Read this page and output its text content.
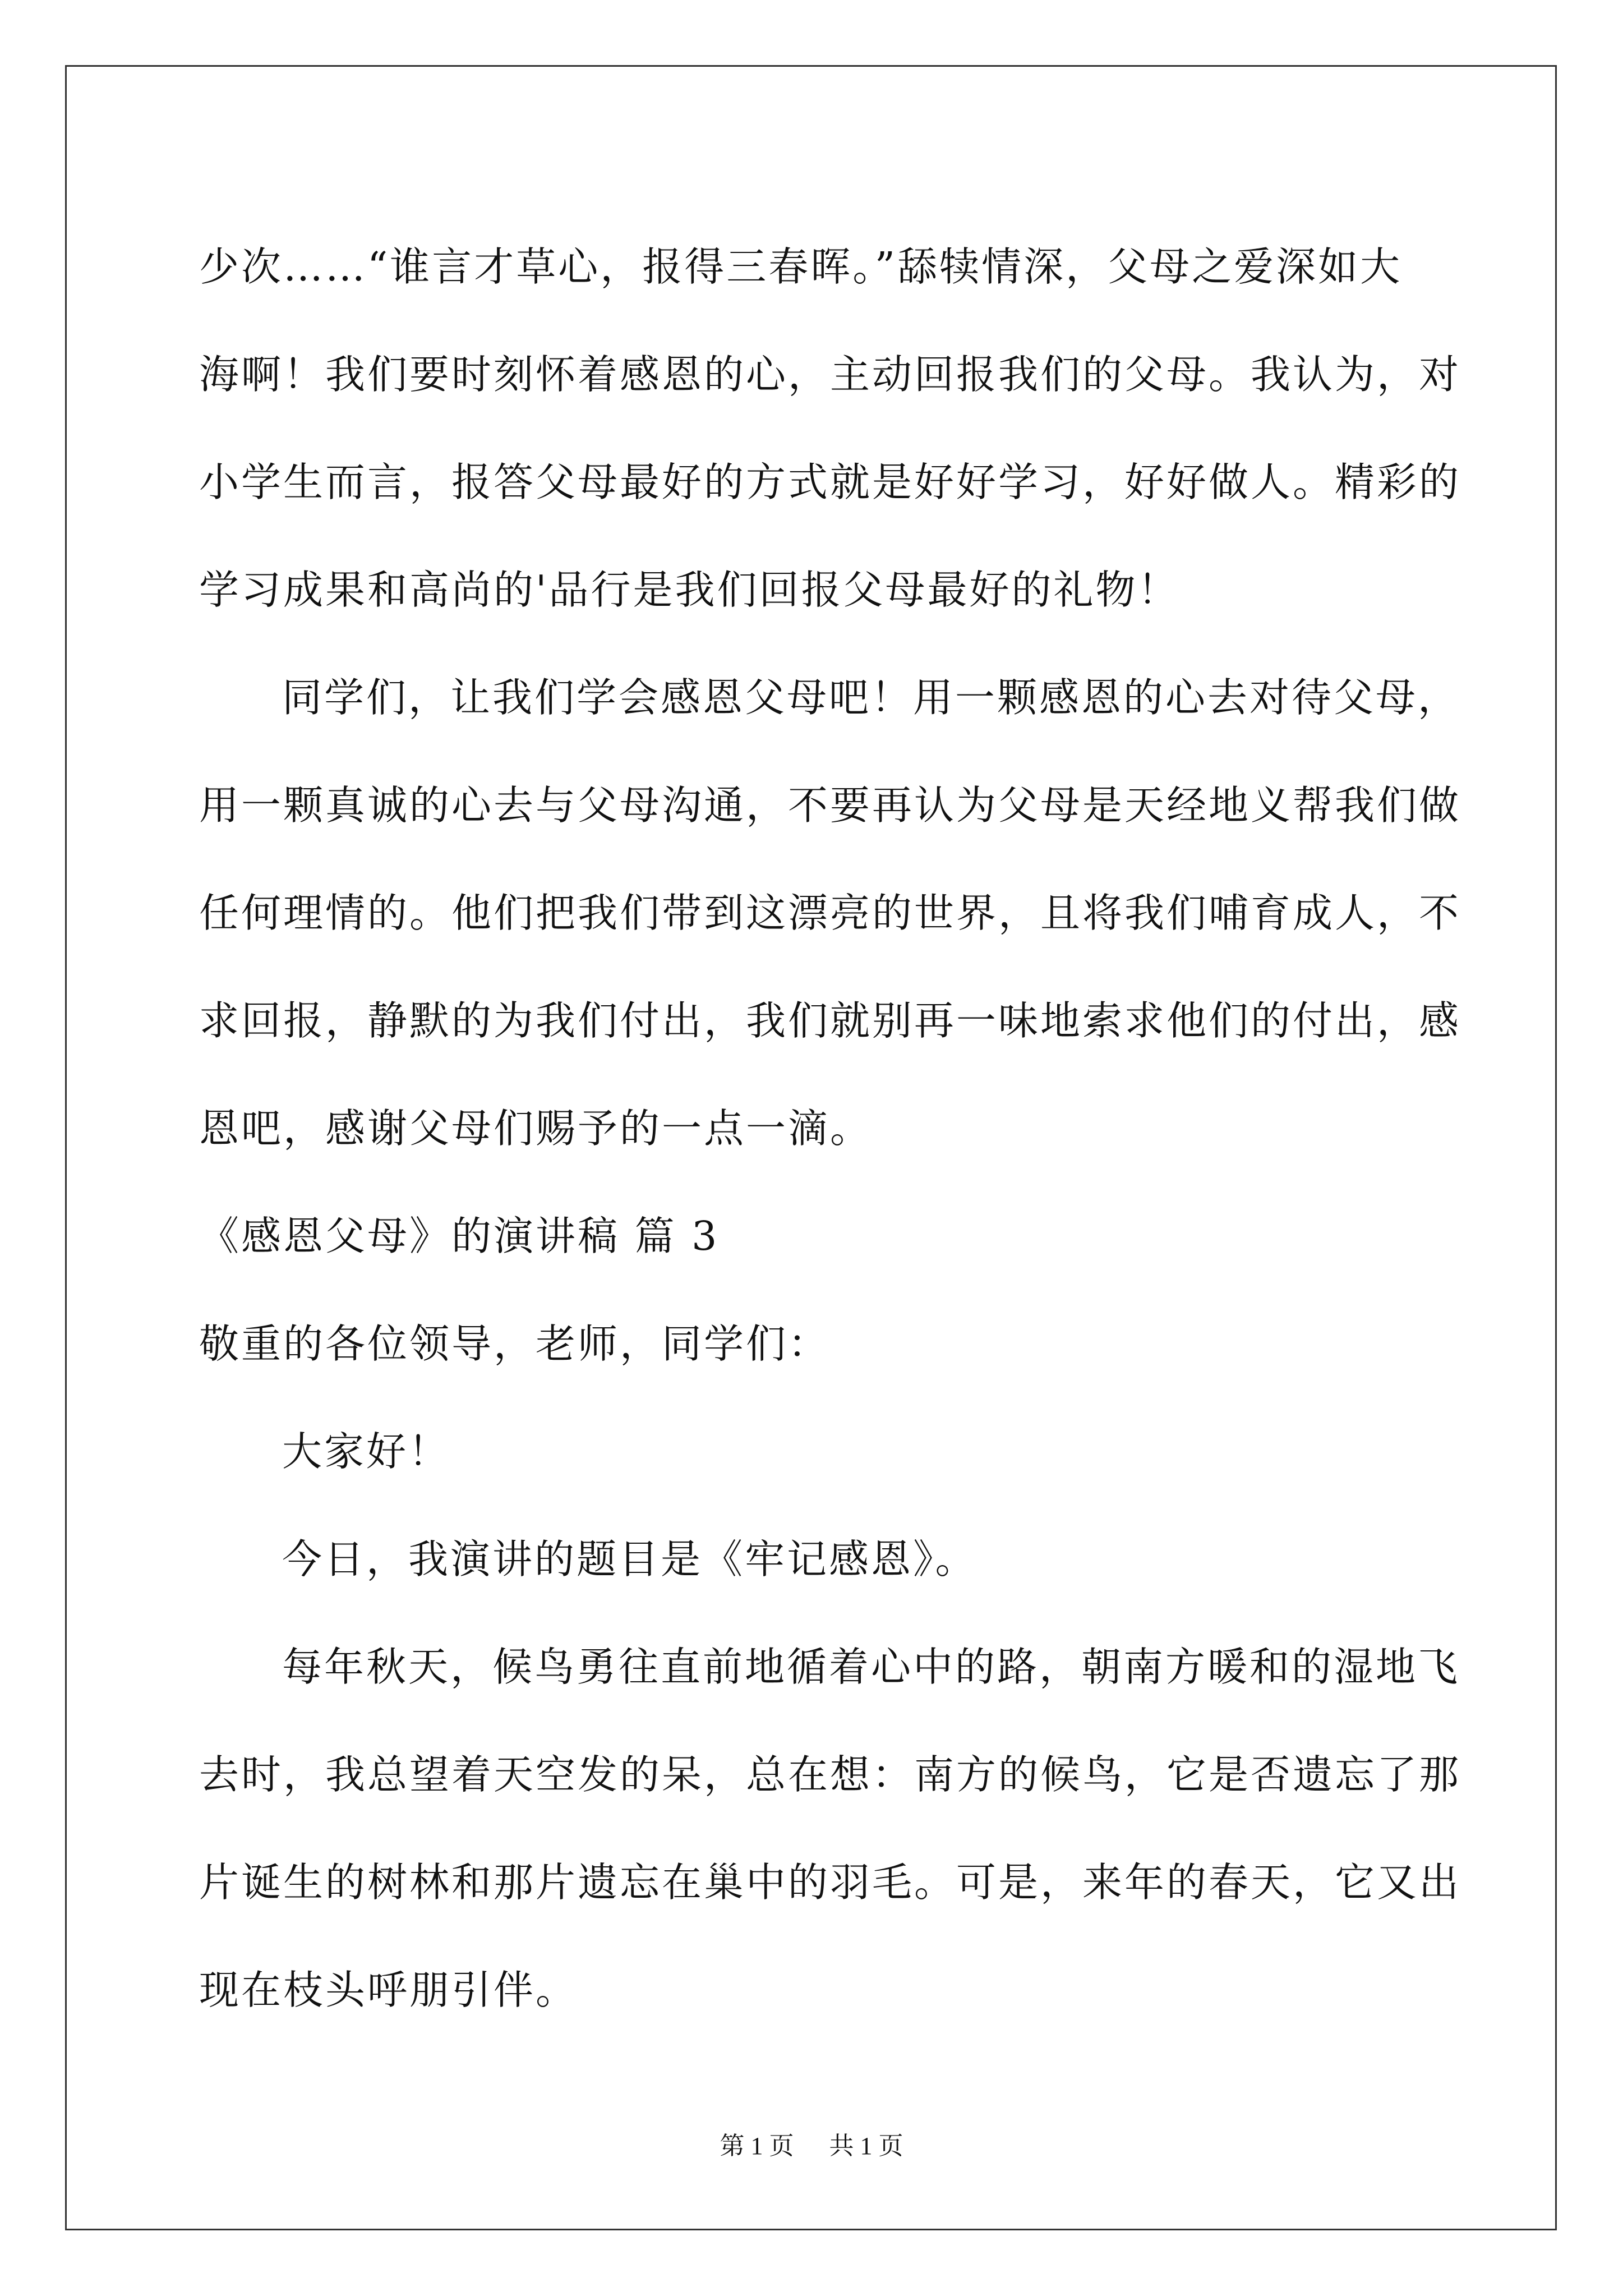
少次……“谁言才草心，报得三春晖。”舔犊情深，父母之爱深如大
海啊！我们要时刻怀着感恩的心，主动回报我们的父母。我认为，对
小学生而言，报答父母最好的方式就是好好学习，好好做人。精彩的
学习成果和高尚的'品行是我们回报父母最好的礼物！
同学们，让我们学会感恩父母吧！用一颗感恩的心去对待父母，
用一颗真诚的心去与父母沟通，不要再认为父母是天经地义帮我们做
任何理情的。他们把我们带到这漂亮的世界，且将我们哺育成人，不
求回报，静默的为我们付出，我们就别再一味地索求他们的付出，感
恩吧，感谢父母们赐予的一点一滴。
《感恩父母》的演讲稿 篇 3
敬重的各位领导，老师，同学们：
大家好！
今日，我演讲的题目是《牢记感恩》。
每年秋天，候鸟勇往直前地循着心中的路，朝南方暖和的湿地飞
去时，我总望着天空发的呆，总在想：南方的候鸟，它是否遗忘了那
片诞生的树林和那片遗忘在巢中的羽毛。可是，来年的春天，它又出
现在枝头呼朋引伴。
第 1 页 共 1 页
